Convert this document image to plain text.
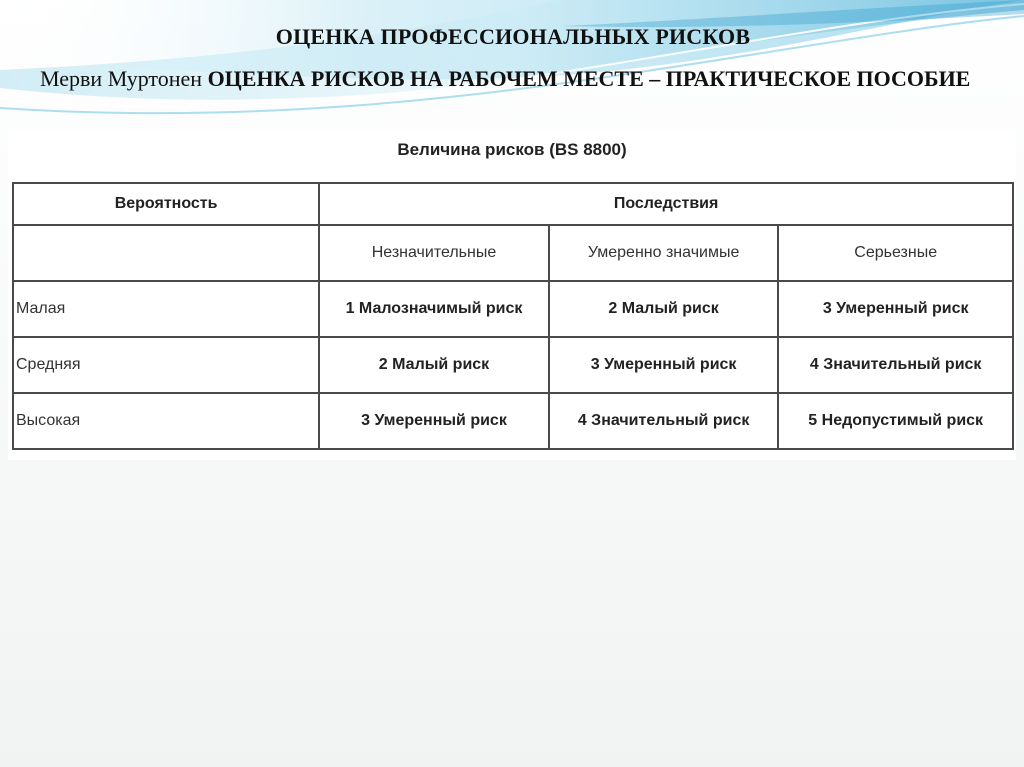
ОЦЕНКА ПРОФЕССИОНАЛЬНЫХ РИСКОВ
Мерви Муртонен ОЦЕНКА РИСКОВ НА РАБОЧЕМ МЕСТЕ – ПРАКТИЧЕСКОЕ ПОСОБИЕ
Величина рисков (BS 8800)
Вероятность	Последствия		
	Незначительные	Умеренно значимые	Серьезные
Малая	1 Малозначимый риск	2 Малый риск	3 Умеренный риск
Средняя	2 Малый риск	3 Умеренный риск	4 Значительный риск
Высокая	3 Умеренный риск	4 Значительный риск	5 Недопустимый риск
